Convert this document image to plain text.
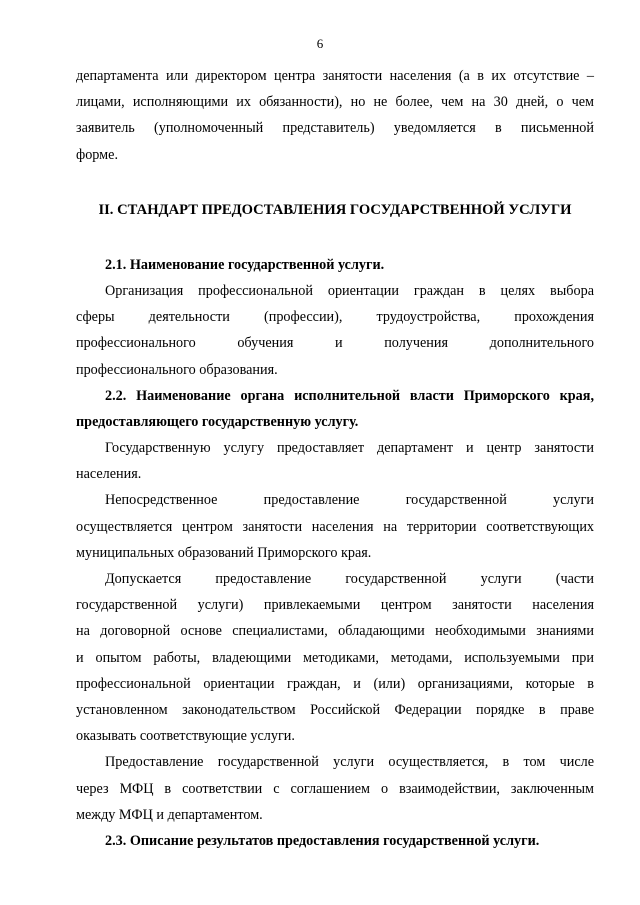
6
департамента или директором центра занятости населения (а в их отсутствие –
лицами, исполняющими их обязанности), но не более, чем на 30 дней, о чем
заявитель (уполномоченный представитель) уведомляется в письменной
форме.
II. СТАНДАРТ ПРЕДОСТАВЛЕНИЯ ГОСУДАРСТВЕННОЙ УСЛУГИ
2.1. Наименование государственной услуги.
Организация профессиональной ориентации граждан в целях выбора
сферы деятельности (профессии), трудоустройства, прохождения
профессионального обучения и получения дополнительного
профессионального образования.
2.2. Наименование органа исполнительной власти Приморского края,
предоставляющего государственную услугу.
Государственную услугу предоставляет департамент и центр занятости
населения.
Непосредственное предоставление государственной услуги
осуществляется центром занятости населения на территории соответствующих
муниципальных образований Приморского края.
Допускается предоставление государственной услуги (части
государственной услуги) привлекаемыми центром занятости населения
на договорной основе специалистами, обладающими необходимыми знаниями
и опытом работы, владеющими методиками, методами, используемыми при
профессиональной ориентации граждан, и (или) организациями, которые в
установленном законодательством Российской Федерации порядке в праве
оказывать соответствующие услуги.
Предоставление государственной услуги осуществляется, в том числе
через МФЦ в соответствии с соглашением о взаимодействии, заключенным
между МФЦ и департаментом.
2.3. Описание результатов предоставления государственной услуги.
